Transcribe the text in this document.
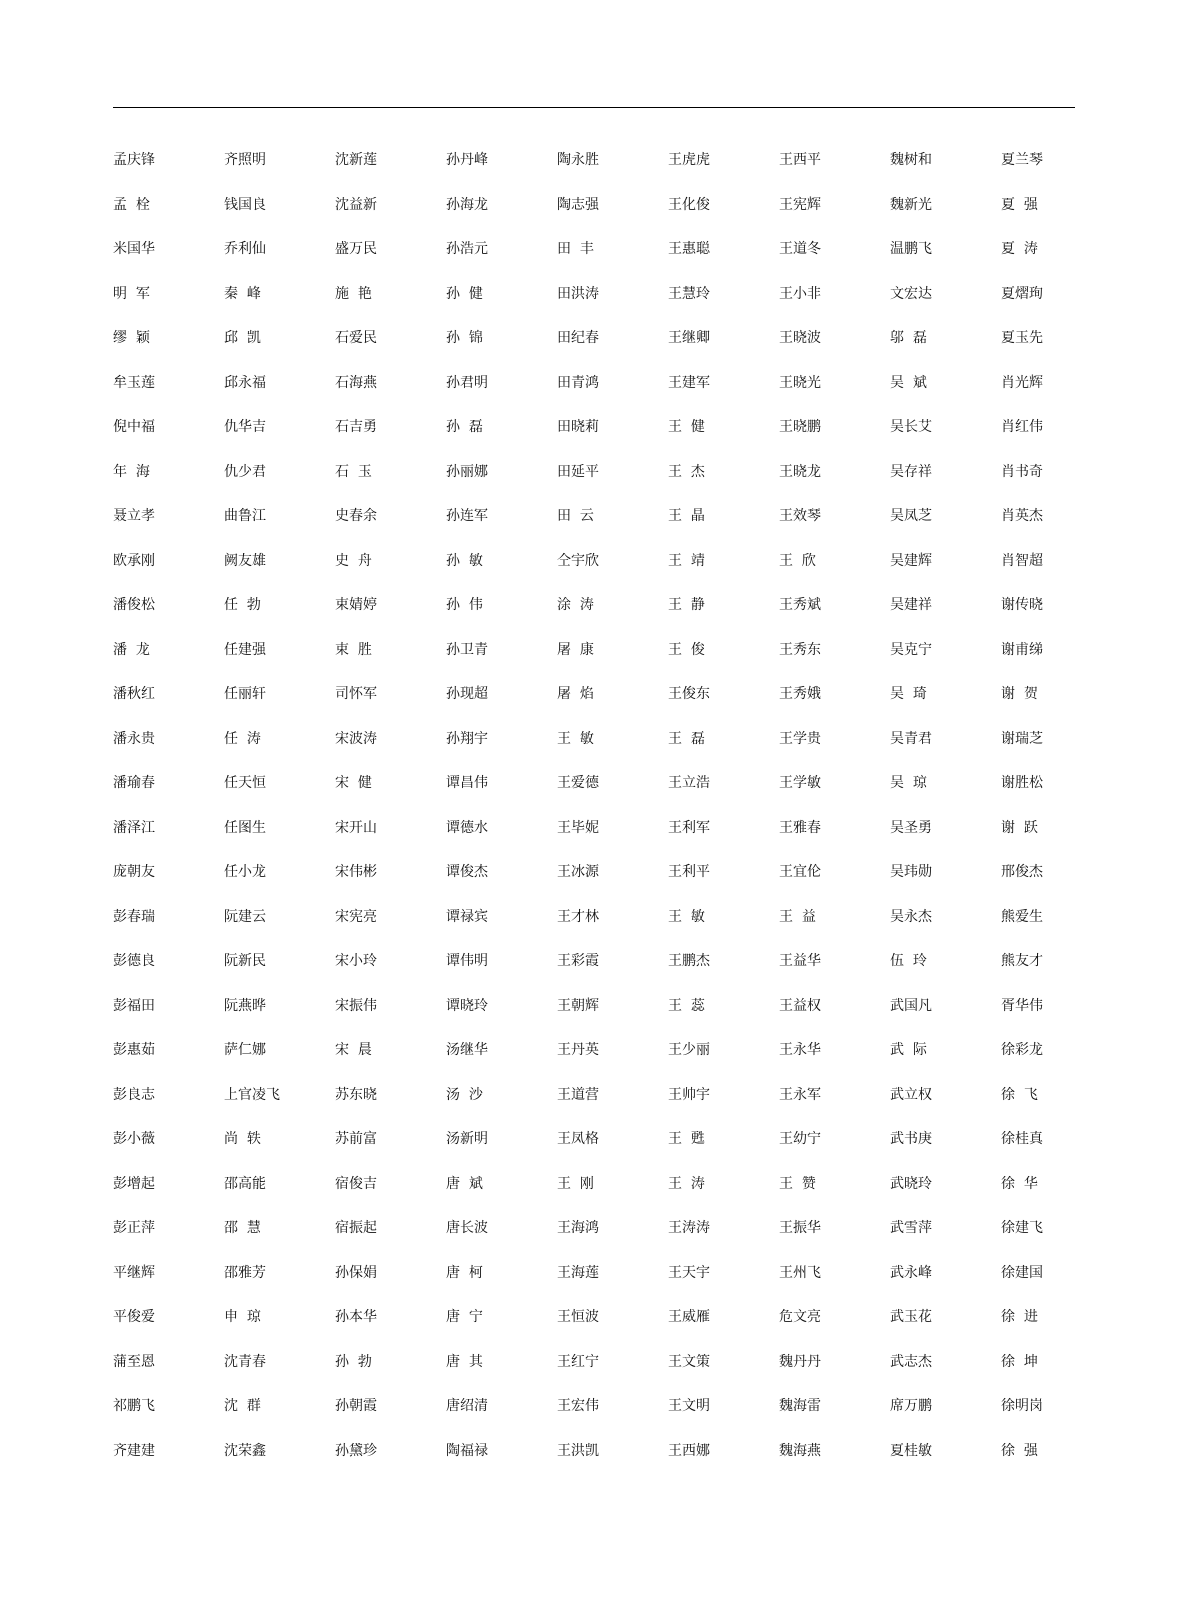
孟庆锋	齐照明	沈新莲	孙丹峰	陶永胜	王虎虎	王西平	魏树和	夏兰琴
孟  栓	钱国良	沈益新	孙海龙	陶志强	王化俊	王宪辉	魏新光	夏  强
米国华	乔利仙	盛万民	孙浩元	田  丰	王惠聪	王道冬	温鹏飞	夏  涛
明  军	秦  峰	施  艳	孙  健	田洪涛	王慧玲	王小非	文宏达	夏熠珣
缪  颖	邱  凯	石爱民	孙  锦	田纪春	王继卿	王晓波	邬  磊	夏玉先
牟玉莲	邱永福	石海燕	孙君明	田青鸿	王建军	王晓光	吴  斌	肖光辉
倪中福	仇华吉	石吉勇	孙  磊	田晓莉	王  健	王晓鹏	吴长艾	肖红伟
年  海	仇少君	石  玉	孙丽娜	田延平	王  杰	王晓龙	吴存祥	肖书奇
聂立孝	曲鲁江	史春余	孙连军	田  云	王  晶	王效琴	吴凤芝	肖英杰
欧承刚	阙友雄	史  舟	孙  敏	仝宇欣	王  靖	王  欣	吴建辉	肖智超
潘俊松	任  勃	束婧婷	孙  伟	涂  涛	王  静	王秀斌	吴建祥	谢传晓
潘  龙	任建强	束  胜	孙卫青	屠  康	王  俊	王秀东	吴克宁	谢甫绨
潘秋红	任丽轩	司怀军	孙现超	屠  焰	王俊东	王秀娥	吴  琦	谢  贺
潘永贵	任  涛	宋波涛	孙翔宇	王  敏	王  磊	王学贵	吴青君	谢瑞芝
潘瑜春	任天恒	宋  健	谭昌伟	王爱德	王立浩	王学敏	吴  琼	谢胜松
潘泽江	任图生	宋开山	谭德水	王毕妮	王利军	王雅春	吴圣勇	谢  跃
庞朝友	任小龙	宋伟彬	谭俊杰	王冰源	王利平	王宜伦	吴玮勋	邢俊杰
彭春瑞	阮建云	宋宪亮	谭禄宾	王才林	王  敏	王  益	吴永杰	熊爱生
彭德良	阮新民	宋小玲	谭伟明	王彩霞	王鹏杰	王益华	伍  玲	熊友才
彭福田	阮燕晔	宋振伟	谭晓玲	王朝辉	王  蕊	王益权	武国凡	胥华伟
彭惠茹	萨仁娜	宋  晨	汤继华	王丹英	王少丽	王永华	武  际	徐彩龙
彭良志	上官凌飞	苏东晓	汤  沙	王道营	王帅宇	王永军	武立权	徐  飞
彭小薇	尚  轶	苏前富	汤新明	王凤格	王  甦	王幼宁	武书庚	徐桂真
彭增起	邵高能	宿俊吉	唐  斌	王  刚	王  涛	王  赞	武晓玲	徐  华
彭正萍	邵  慧	宿振起	唐长波	王海鸿	王涛涛	王振华	武雪萍	徐建飞
平继辉	邵雅芳	孙保娟	唐  柯	王海莲	王天宇	王州飞	武永峰	徐建国
平俊爱	申  琼	孙本华	唐  宁	王恒波	王威雁	危文亮	武玉花	徐  进
蒲至恩	沈青春	孙  勃	唐  其	王红宁	王文策	魏丹丹	武志杰	徐  坤
祁鹏飞	沈  群	孙朝霞	唐绍清	王宏伟	王文明	魏海雷	席万鹏	徐明岗
齐建建	沈荣鑫	孙黛珍	陶福禄	王洪凯	王西娜	魏海燕	夏桂敏	徐  强
